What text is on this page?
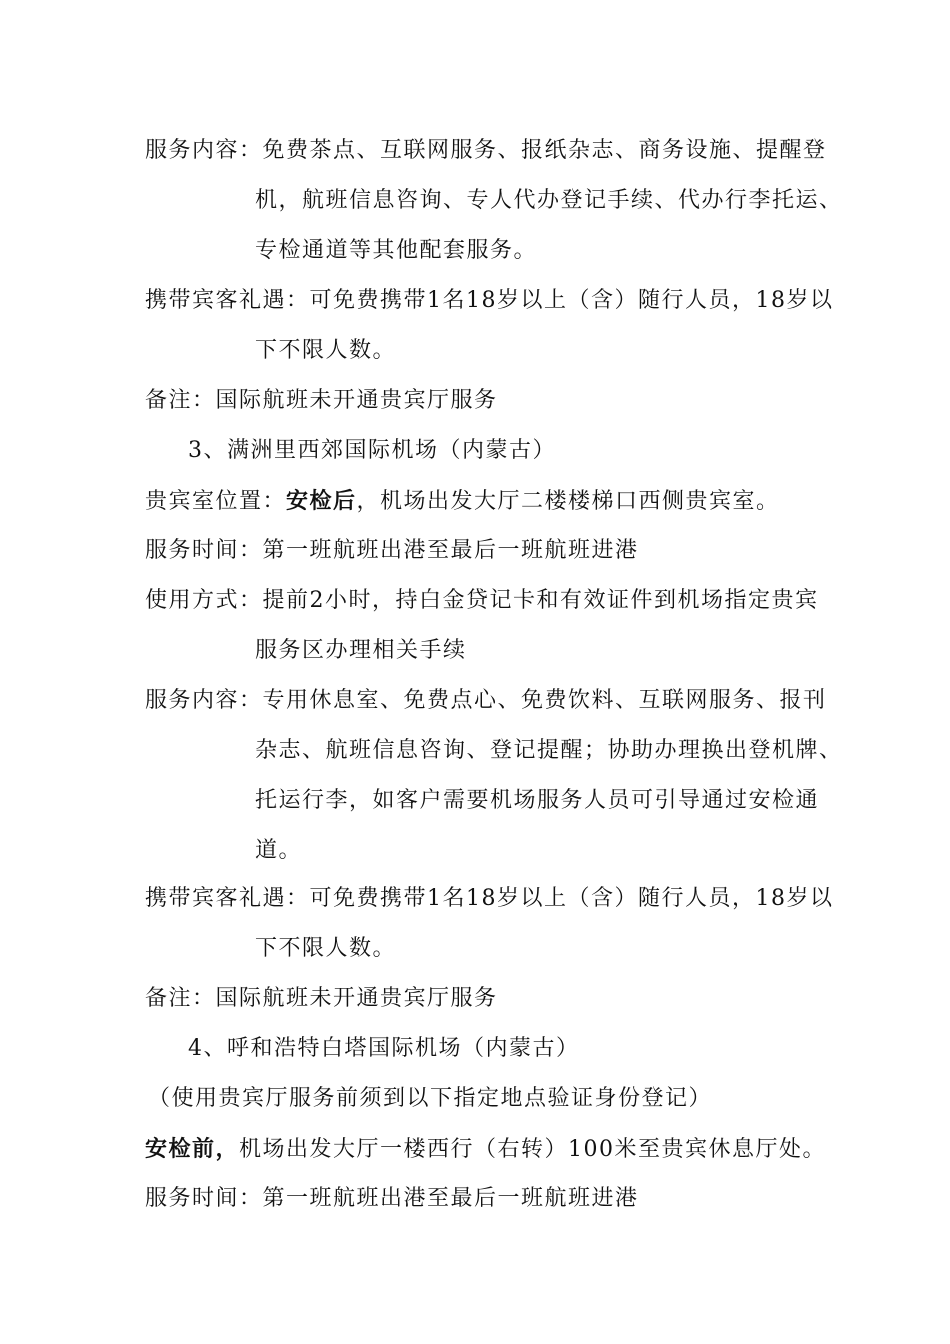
服务内容：免费茶点、互联网服务、报纸杂志、商务设施、提醒登
机，航班信息咨询、专人代办登记手续、代办行李托运、
专检通道等其他配套服务。
携带宾客礼遇：可免费携带1名18岁以上（含）随行人员，18岁以
下不限人数。
备注：国际航班未开通贵宾厅服务
3、满洲里西郊国际机场（内蒙古）
贵宾室位置：安检后，机场出发大厅二楼楼梯口西侧贵宾室。
服务时间：第一班航班出港至最后一班航班进港
使用方式：提前2小时，持白金贷记卡和有效证件到机场指定贵宾
服务区办理相关手续
服务内容：专用休息室、免费点心、免费饮料、互联网服务、报刊
杂志、航班信息咨询、登记提醒；协助办理换出登机牌、
托运行李，如客户需要机场服务人员可引导通过安检通
道。
携带宾客礼遇：可免费携带1名18岁以上（含）随行人员，18岁以
下不限人数。
备注：国际航班未开通贵宾厅服务
4、呼和浩特白塔国际机场（内蒙古）
（使用贵宾厅服务前须到以下指定地点验证身份登记）
安检前，机场出发大厅一楼西行（右转）100米至贵宾休息厅处。
服务时间：第一班航班出港至最后一班航班进港
